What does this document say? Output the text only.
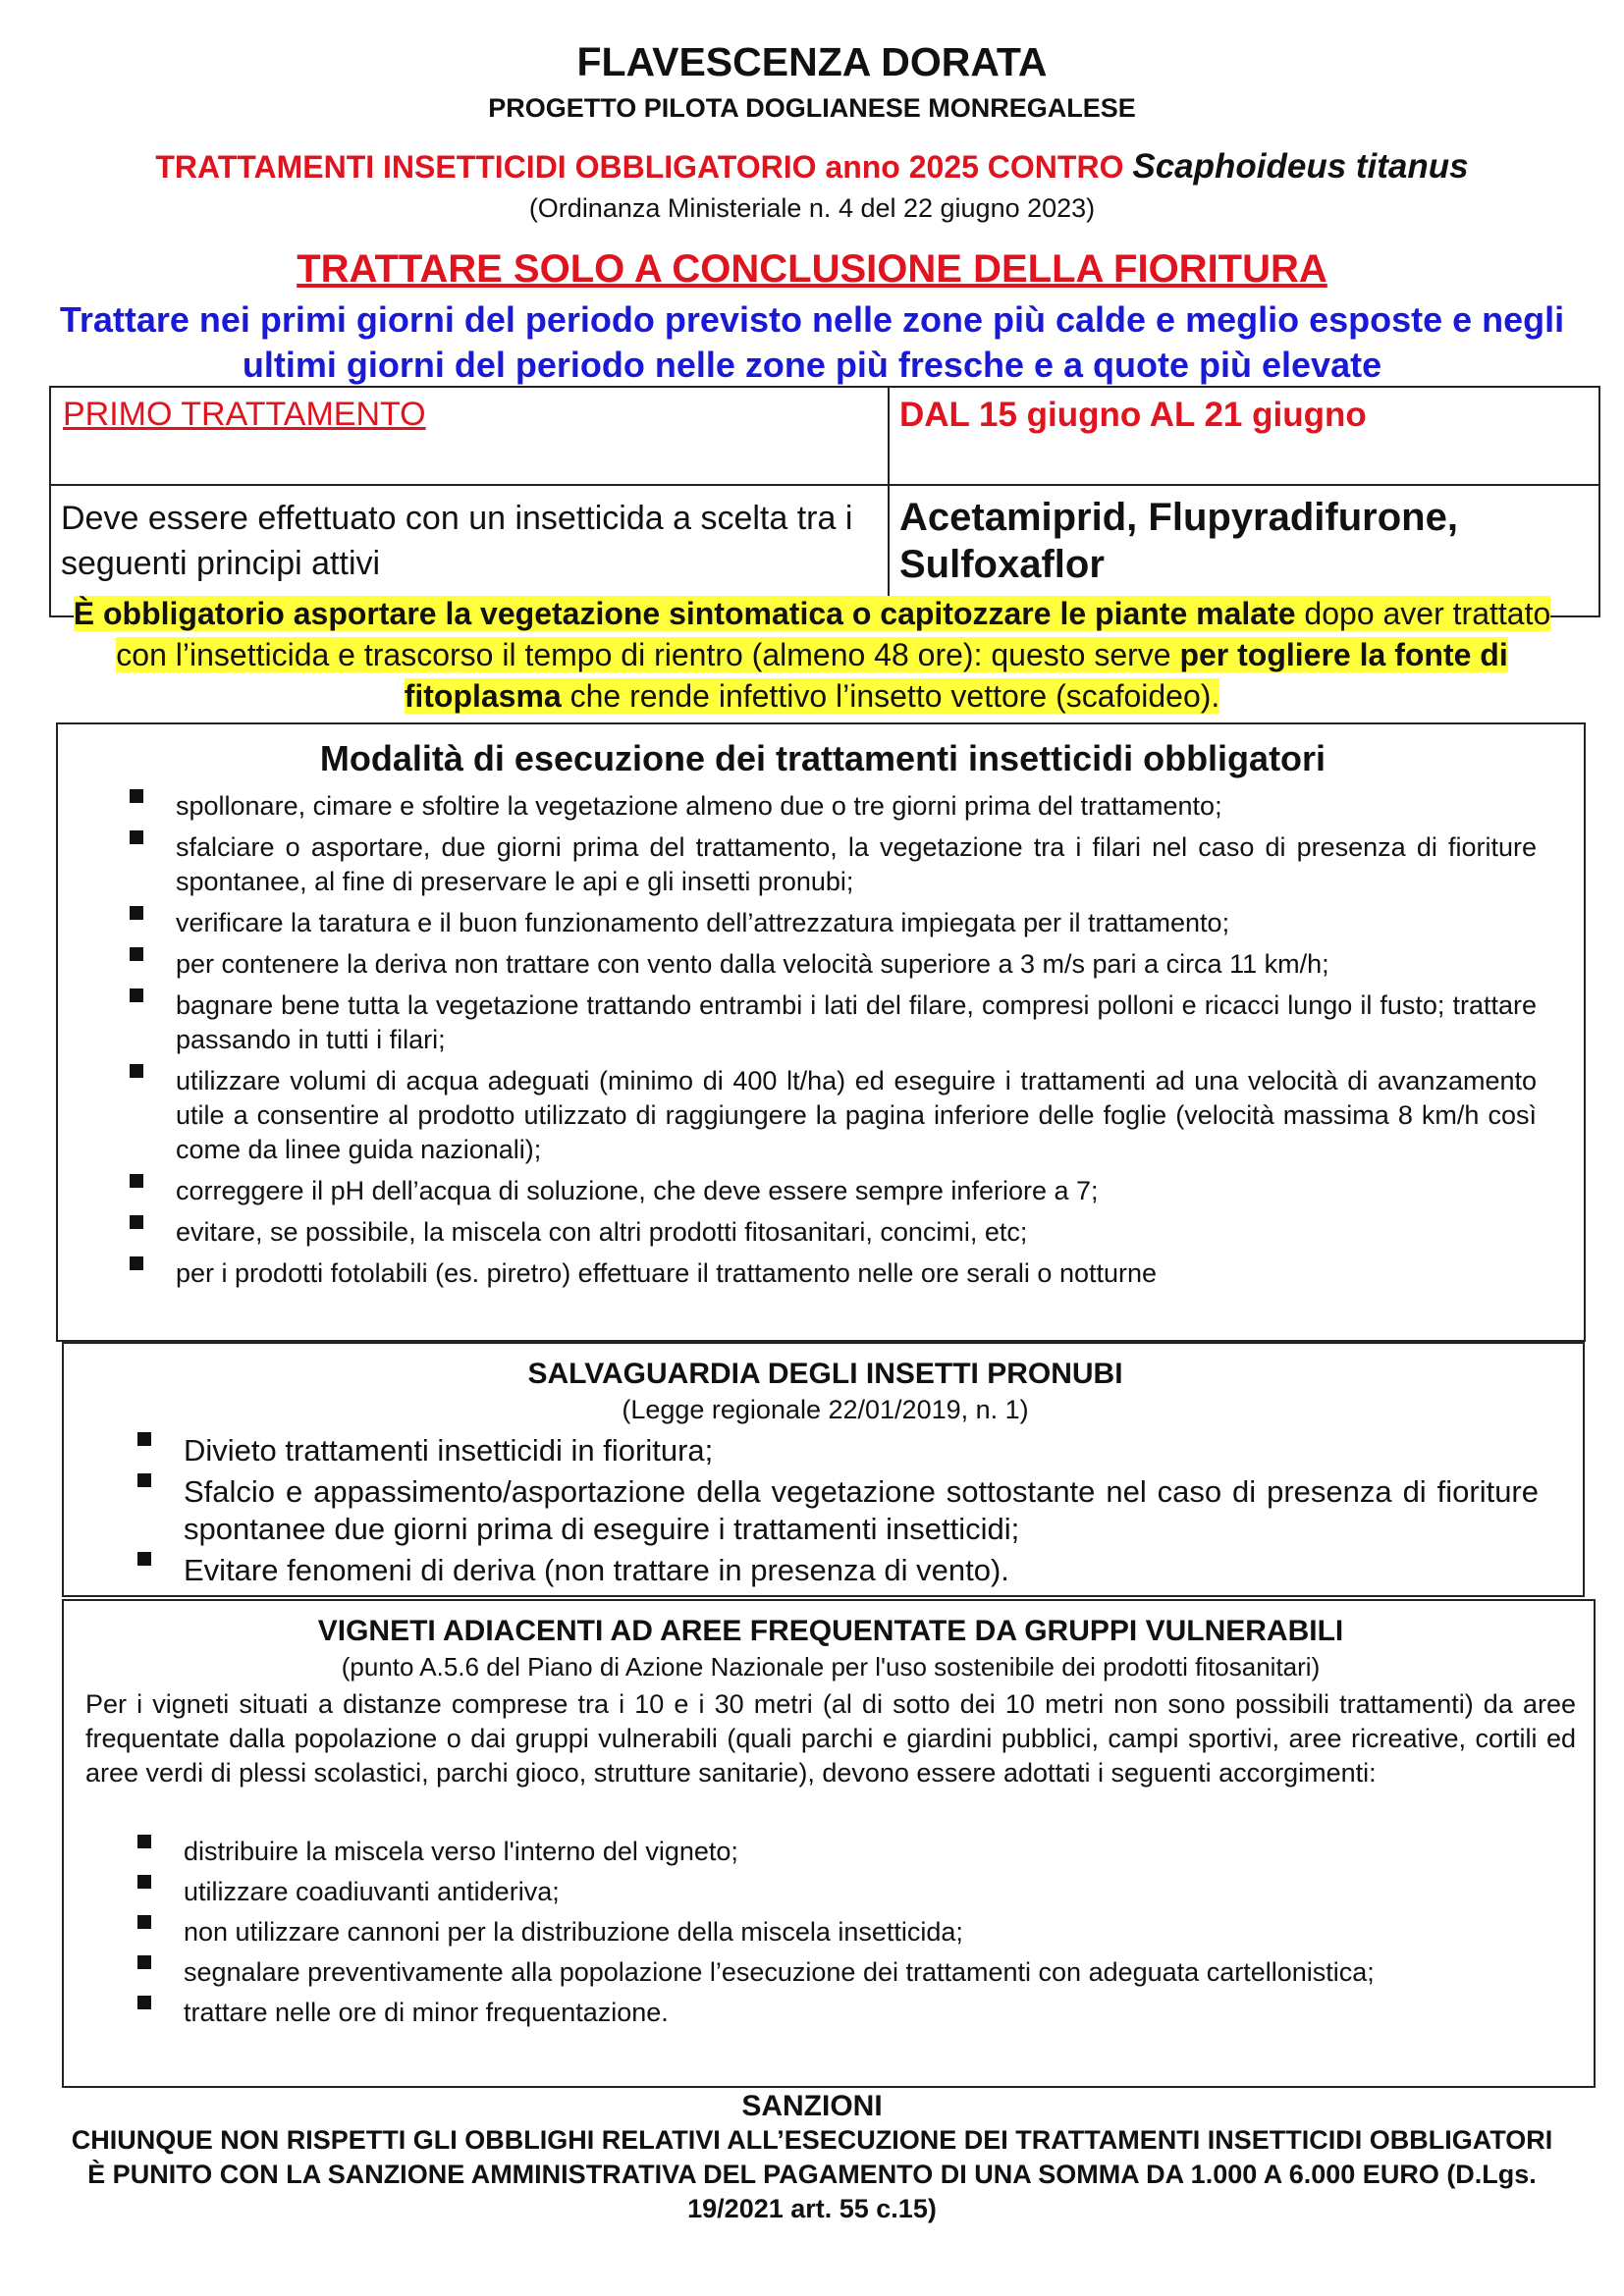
FLAVESCENZA DORATA
PROGETTO PILOTA DOGLIANESE MONREGALESE
TRATTAMENTI INSETTICIDI OBBLIGATORIO anno 2025 CONTRO Scaphoideus titanus
(Ordinanza Ministeriale n. 4 del 22 giugno 2023)
TRATTARE SOLO A CONCLUSIONE DELLA FIORITURA
Trattare nei primi giorni del periodo previsto nelle zone più calde e meglio esposte e negli ultimi giorni del periodo nelle zone più fresche e a quote più elevate
PRIMO TRATTAMENTO	DAL 15 giugno AL 21 giugno
Deve essere effettuato con un insetticida a scelta tra i seguenti principi attivi	Acetamiprid, Flupyradifurone, Sulfoxaflor
È obbligatorio asportare la vegetazione sintomatica o capitozzare le piante malate dopo aver trattato con l’insetticida e trascorso il tempo di rientro (almeno 48 ore): questo serve per togliere la fonte di fitoplasma che rende infettivo l’insetto vettore (scafoideo).
Modalità di esecuzione dei trattamenti insetticidi obbligatori
spollonare, cimare e sfoltire la vegetazione almeno due o tre giorni prima del trattamento;
sfalciare o asportare, due giorni prima del trattamento, la vegetazione tra i filari nel caso di presenza di fioriture spontanee, al fine di preservare le api e gli insetti pronubi;
verificare la taratura e il buon funzionamento dell’attrezzatura impiegata per il trattamento;
per contenere la deriva non trattare con vento dalla velocità superiore a 3 m/s pari a circa 11 km/h;
bagnare bene tutta la vegetazione trattando entrambi i lati del filare, compresi polloni e ricacci lungo il fusto; trattare passando in tutti i filari;
utilizzare volumi di acqua adeguati (minimo di 400 lt/ha) ed eseguire i trattamenti ad una velocità di avanzamento utile a consentire al prodotto utilizzato di raggiungere la pagina inferiore delle foglie (velocità massima 8 km/h così come da linee guida nazionali);
correggere il pH dell’acqua di soluzione, che deve essere sempre inferiore a 7;
evitare, se possibile, la miscela con altri prodotti fitosanitari, concimi, etc;
per i prodotti fotolabili (es. piretro) effettuare il trattamento nelle ore serali o notturne
SALVAGUARDIA DEGLI INSETTI PRONUBI
(Legge regionale 22/01/2019, n. 1)
Divieto trattamenti insetticidi in fioritura;
Sfalcio e appassimento/asportazione della vegetazione sottostante nel caso di presenza di fioriture spontanee due giorni prima di eseguire i trattamenti insetticidi;
Evitare fenomeni di deriva (non trattare in presenza di vento).
VIGNETI ADIACENTI AD AREE FREQUENTATE DA GRUPPI VULNERABILI
(punto A.5.6 del Piano di Azione Nazionale per l'uso sostenibile dei prodotti fitosanitari)
Per i vigneti situati a distanze comprese tra i 10 e i 30 metri (al di sotto dei 10 metri non sono possibili trattamenti) da aree frequentate dalla popolazione o dai gruppi vulnerabili (quali parchi e giardini pubblici, campi sportivi, aree ricreative, cortili ed aree verdi di plessi scolastici, parchi gioco, strutture sanitarie), devono essere adottati i seguenti accorgimenti:
distribuire la miscela verso l'interno del vigneto;
utilizzare coadiuvanti antideriva;
non utilizzare cannoni per la distribuzione della miscela insetticida;
segnalare preventivamente alla popolazione l’esecuzione dei trattamenti con adeguata cartellonistica;
trattare nelle ore di minor frequentazione.
SANZIONI
CHIUNQUE NON RISPETTI GLI OBBLIGHI RELATIVI ALL’ESECUZIONE DEI TRATTAMENTI INSETTICIDI OBBLIGATORI È PUNITO CON LA SANZIONE AMMINISTRATIVA DEL PAGAMENTO DI UNA SOMMA DA 1.000 A 6.000 EURO (D.Lgs. 19/2021 art. 55 c.15)
